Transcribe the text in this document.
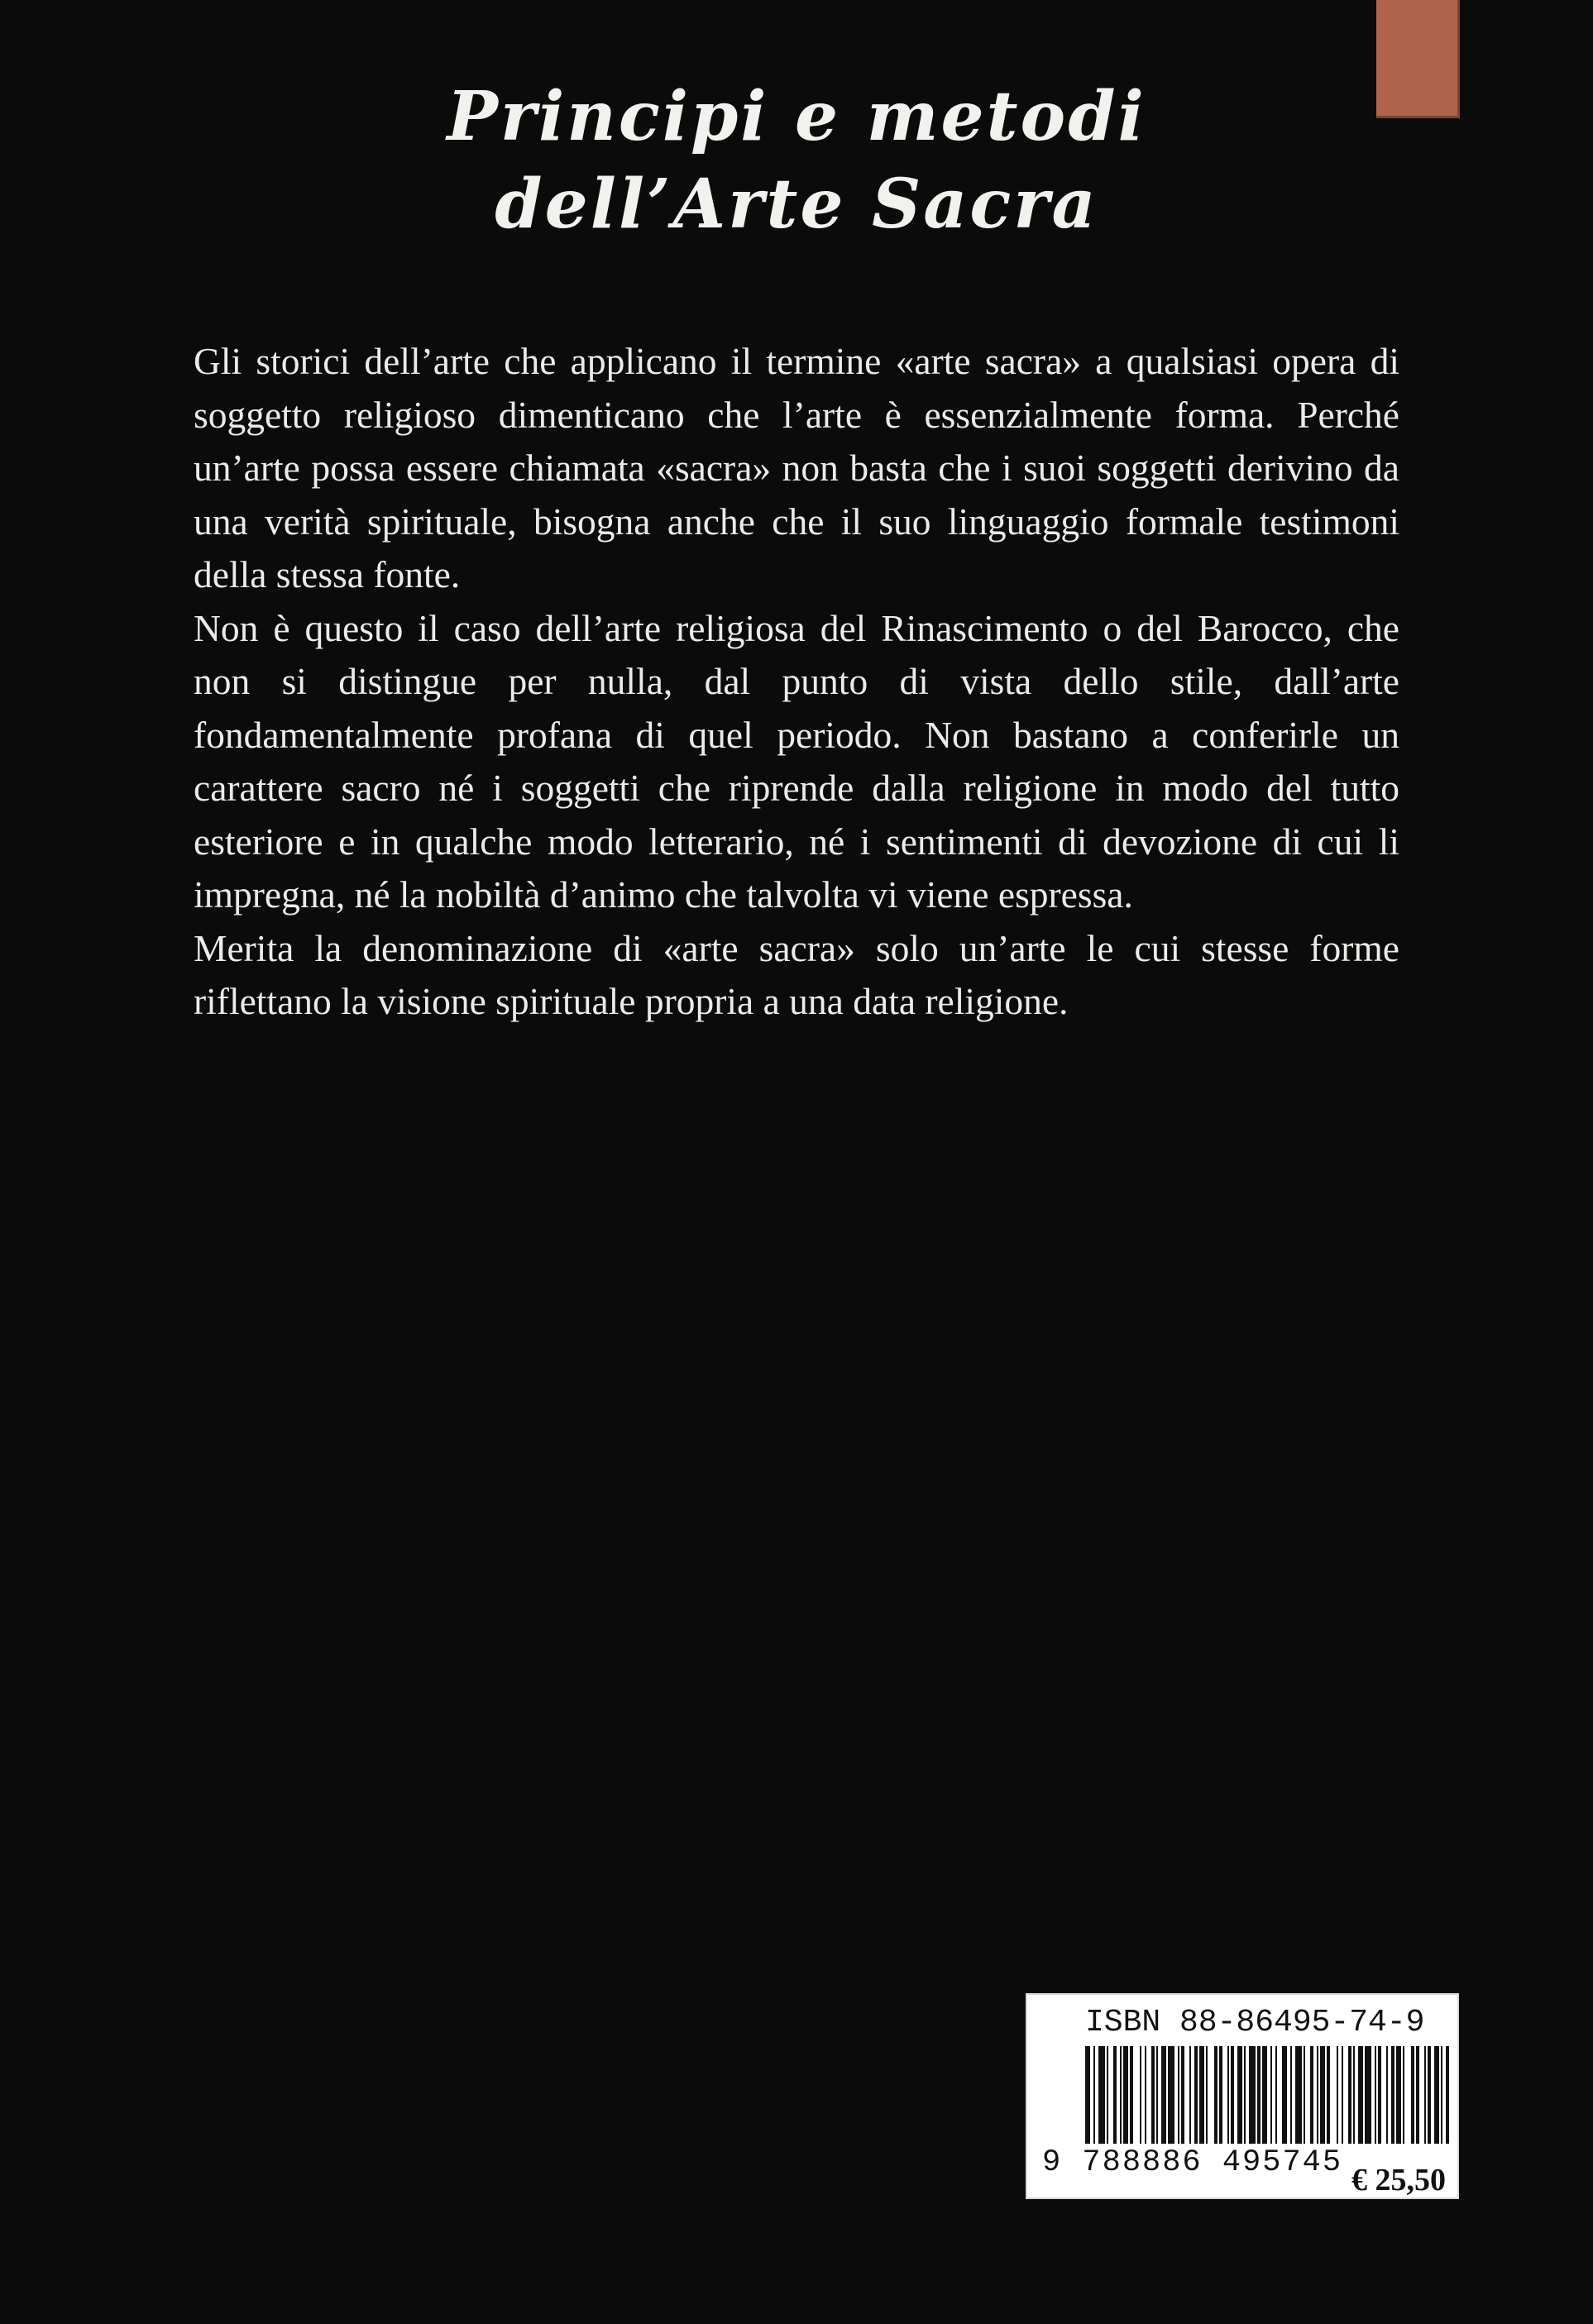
Principi e metodi
dell’Arte Sacra

Gli storici dell’arte che applicano il termine «arte sacra» a qualsiasi opera di soggetto religioso dimenticano che l’arte è essenzialmente forma. Perché un’arte possa essere chiamata «sacra» non basta che i suoi soggetti derivino da una verità spirituale, bisogna anche che il suo linguaggio formale testimoni della stessa fonte.

Non è questo il caso dell’arte religiosa del Rinascimento o del Barocco, che non si distingue per nulla, dal punto di vista dello stile, dall’arte fondamentalmente profana di quel periodo. Non bastano a conferirle un carattere sacro né i soggetti che riprende dalla religione in modo del tutto esteriore e in qualche modo letterario, né i sentimenti di devozione di cui li impregna, né la nobiltà d’animo che talvolta vi viene espressa.

Merita la denominazione di «arte sacra» solo un’arte le cui stesse forme riflettano la visione spirituale propria a una data religione.

ISBN 88-86495-74-9
9 788886 495745 € 25,50
